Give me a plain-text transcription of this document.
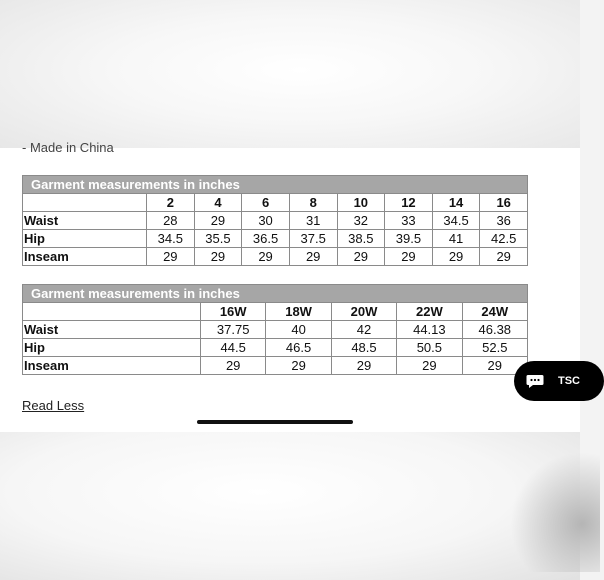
- Made in China
Garment measurements in inches								
	2	4	6	8	10	12	14	16
Waist	28	29	30	31	32	33	34.5	36
Hip	34.5	35.5	36.5	37.5	38.5	39.5	41	42.5
Inseam	29	29	29	29	29	29	29	29
Garment measurements in inches					
	16W	18W	20W	22W	24W
Waist	37.75	40	42	44.13	46.38
Hip	44.5	46.5	48.5	50.5	52.5
Inseam	29	29	29	29	29
Read Less
TSC
